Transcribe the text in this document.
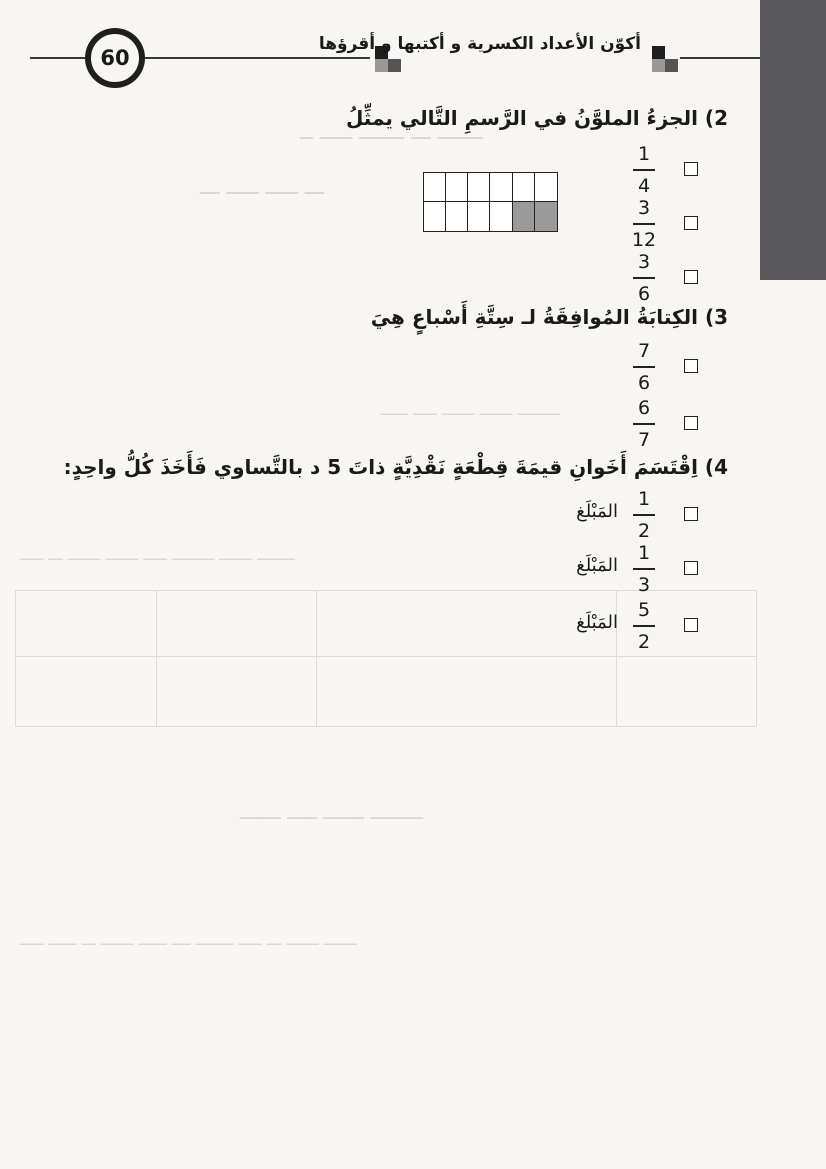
ـــــــ ـــ ـــــــ ـــــ ــ
ـــ ـــــ ـــــ ـــ
ـــــــــ ـــــــ ـــــــ ـــــ ــــــ
ــــــــ ـــــــ ـــــــــ ـــــ ـــــــ ـــــــ ـــ ـــــ
ـــــــــ ـــــــ ـــــ ـــــــ
ـــــــ ـــــــ ـــ ـــــ ــــــــ ــــ ــــــ ـــــــ ـــ ــــــ ـــــ
60
أكوّن الأعداد الكسرية و أكتبها و أقرؤها
2) الجزءُ الملوَّنُ في الرَّسمِ التَّالي يمثِّلُ
1
4
3
12
3
6
3) الكِتابَةُ المُوافِقَةُ لـ سِتَّةِ أَسْباعٍ هِيَ
7
6
6
7
4) اِقْتَسَمَ أَخَوانِ قيمَةَ قِطْعَةٍ نَقْدِيَّةٍ ذاتَ 5 د بالتَّساوي فَأَخَذَ كُلُّ واحِدٍ:
1
2
المَبْلَغ
1
3
المَبْلَغ
5
2
المَبْلَغ
